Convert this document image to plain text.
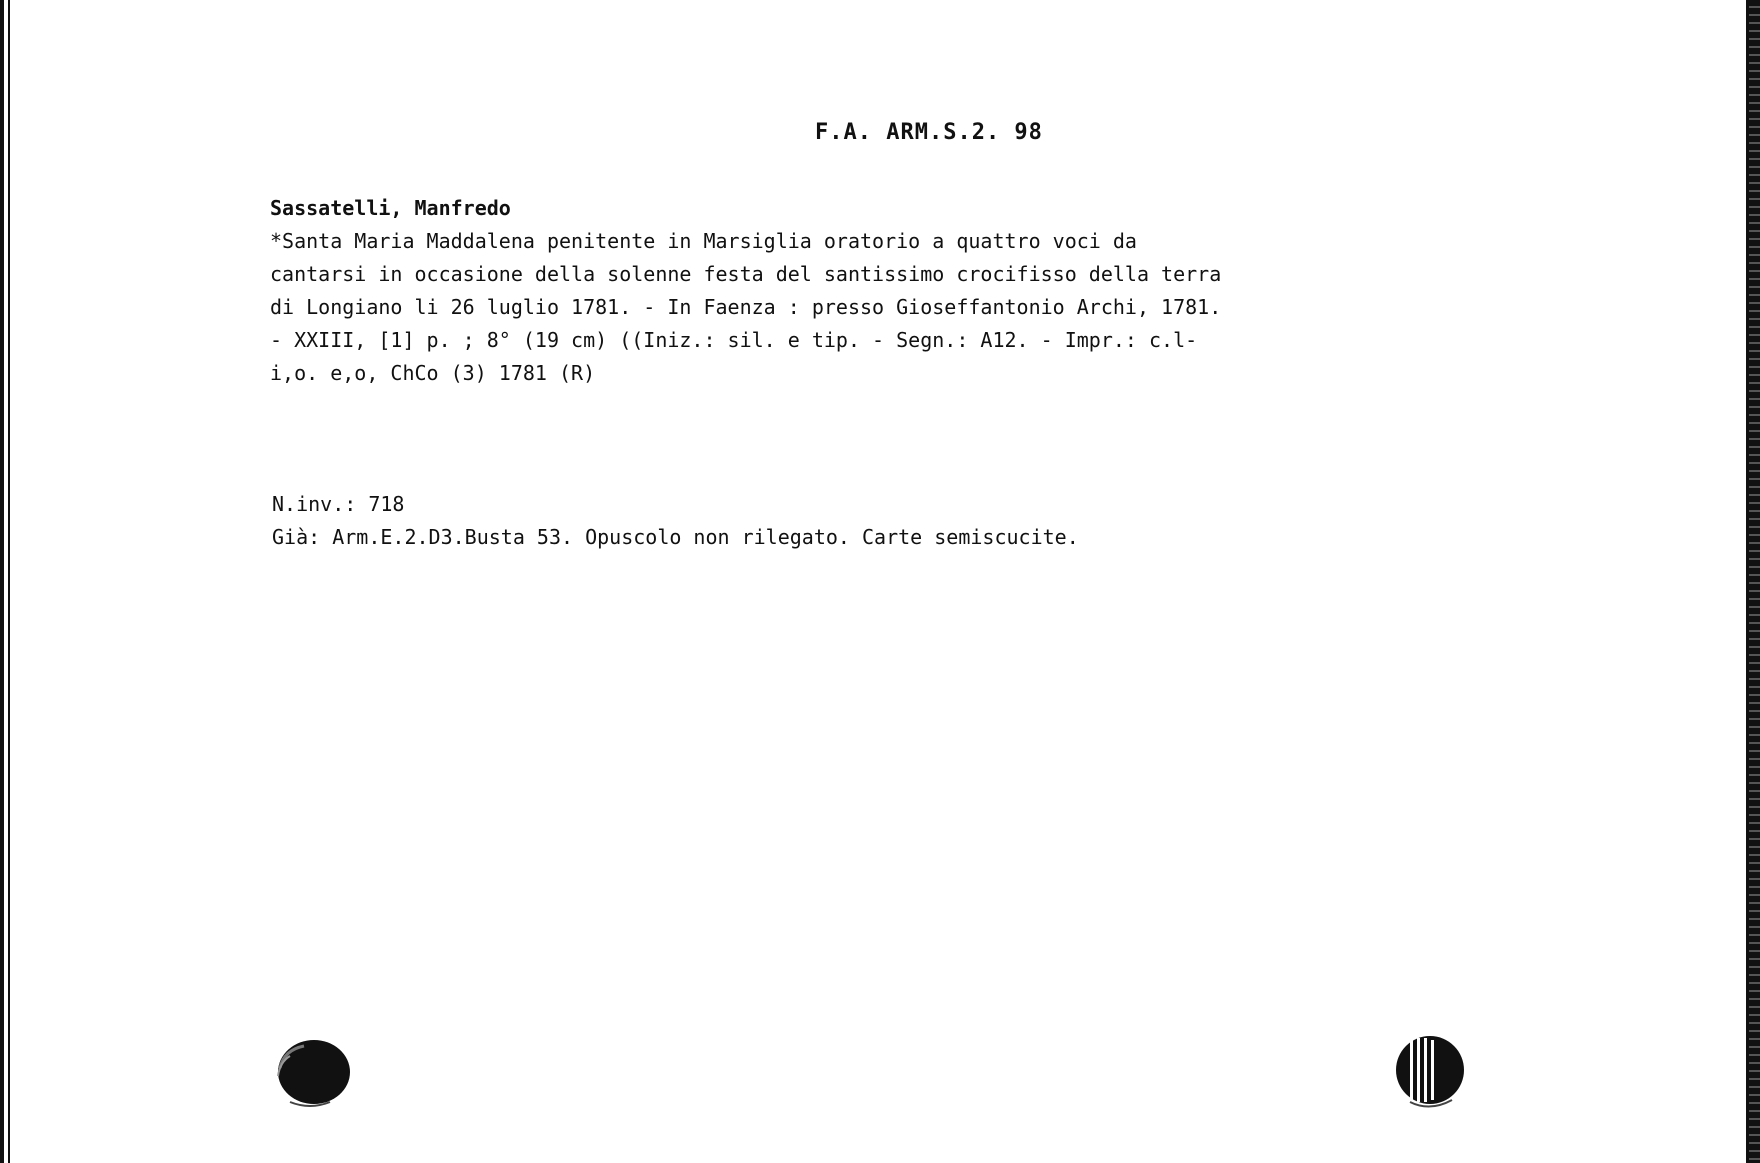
F.A. ARM.S.2. 98
Sassatelli, Manfredo
*Santa Maria Maddalena penitente in Marsiglia oratorio a quattro voci da
cantarsi in occasione della solenne festa del santissimo crocifisso della terra
di Longiano li 26 luglio 1781. - In Faenza : presso Gioseffantonio Archi, 1781.
- XXIII, [1] p. ; 8° (19 cm) ((Iniz.: sil. e tip. - Segn.: A12. - Impr.: c.l-
i,o. e,o, ChCo (3) 1781 (R)
N.inv.: 718
Già: Arm.E.2.D3.Busta 53. Opuscolo non rilegato. Carte semiscucite.
